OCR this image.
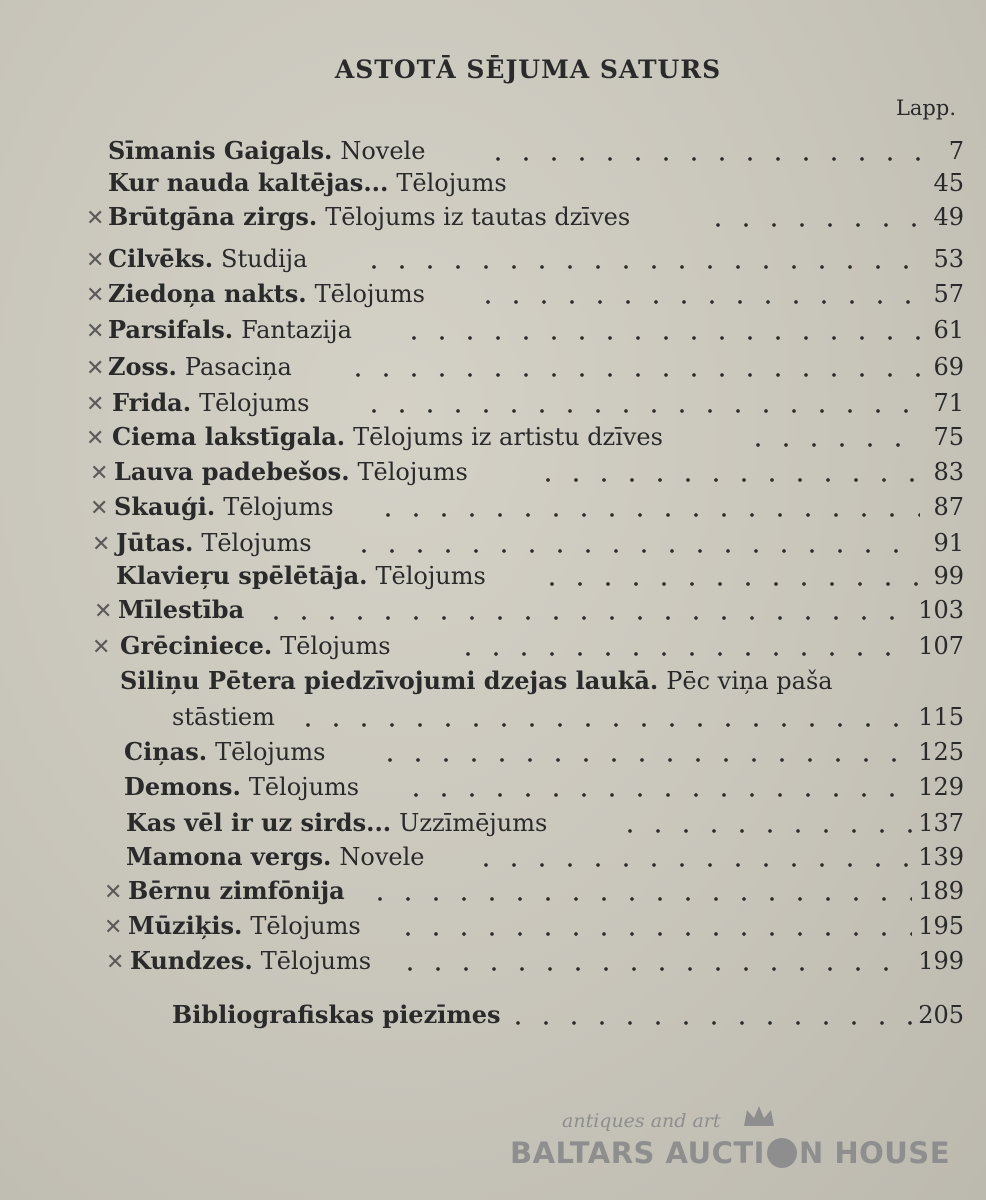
ASTOTĀ SĒJUMA SATURS
Lapp.
Sīmanis Gaigals. Novele	7
Kur nauda kaltējas... Tēlojums	45
✕ Brūtgāna zirgs. Tēlojums iz tautas dzīves	49
✕ Cilvēks. Studija	53
✕ Ziedoņa nakts. Tēlojums	57
✕ Parsifals. Fantazija	61
✕ Zoss. Pasaciņa	69
✕ Frida. Tēlojums	71
✕ Ciema lakstīgala. Tēlojums iz artistu dzīves	75
✕ Lauva padebešos. Tēlojums	83
✕ Skauģi. Tēlojums	87
✕ Jūtas. Tēlojums	91
Klavieŗu spēlētāja. Tēlojums	99
✕ Mīlestība	103
✕ Grēciniece. Tēlojums	107
Siliņu Pētera piedzīvojumi dzejas laukā. Pēc viņa paša
stāstiem	115
Ciņas. Tēlojums	125
Demons. Tēlojums	129
Kas vēl ir uz sirds... Uzzīmējums	137
Mamona vergs. Novele	139
✕ Bērnu zimfōnija	189
✕ Mūziķis. Tēlojums	195
✕ Kundzes. Tēlojums	199
Bibliografiskas piezīmes	205
antiques and art
BALTARS AUCTI N HOUSE
